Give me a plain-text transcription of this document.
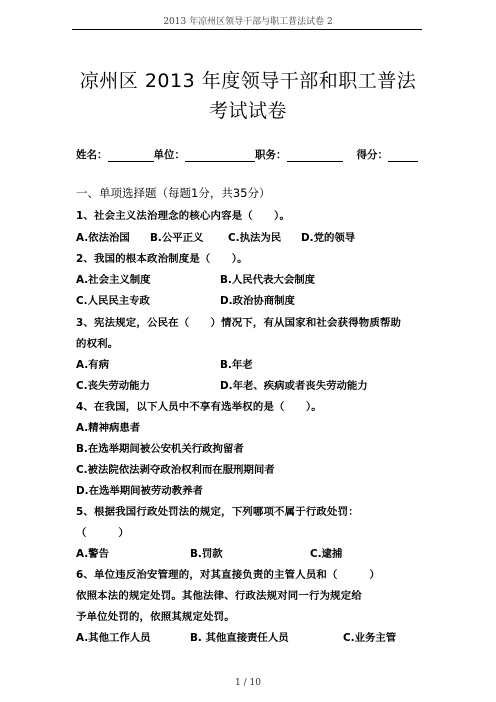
2013 年凉州区领导干部与职工普法试卷 2
凉州区 2013 年度领导干部和职工普法
考试试卷
姓名：	单位：	职务：	得分：
一、单项选择题（每题1分，共35分）
1、社会主义法治理念的核心内容是（　　）。
A.依法治国 B.公平正义 C.执法为民 D.党的领导
2、我国的根本政治制度是（　　）。
A.社会主义制度	B.人民代表大会制度
C.人民民主专政	D.政治协商制度
3、宪法规定，公民在（　　）情况下，有从国家和社会获得物质帮助
的权利。
A.有病	B.年老
C.丧失劳动能力	D.年老、疾病或者丧失劳动能力
4、在我国，以下人员中不享有选举权的是（　　）。
A.精神病患者
B.在选举期间被公安机关行政拘留者
C.被法院依法剥夺政治权利而在服刑期间者
D.在选举期间被劳动教养者
5、根据我国行政处罚法的规定，下列哪项不属于行政处罚：
（　　　）
A.警告	B.罚款	C.逮捕
6、单位违反治安管理的，对其直接负责的主管人员和（　　　）
依照本法的规定处罚。其他法律、行政法规对同一行为规定给
予单位处罚的，依照其规定处罚。
A.其他工作人员	B. 其他直接责任人员	C.业务主管
1 / 10
